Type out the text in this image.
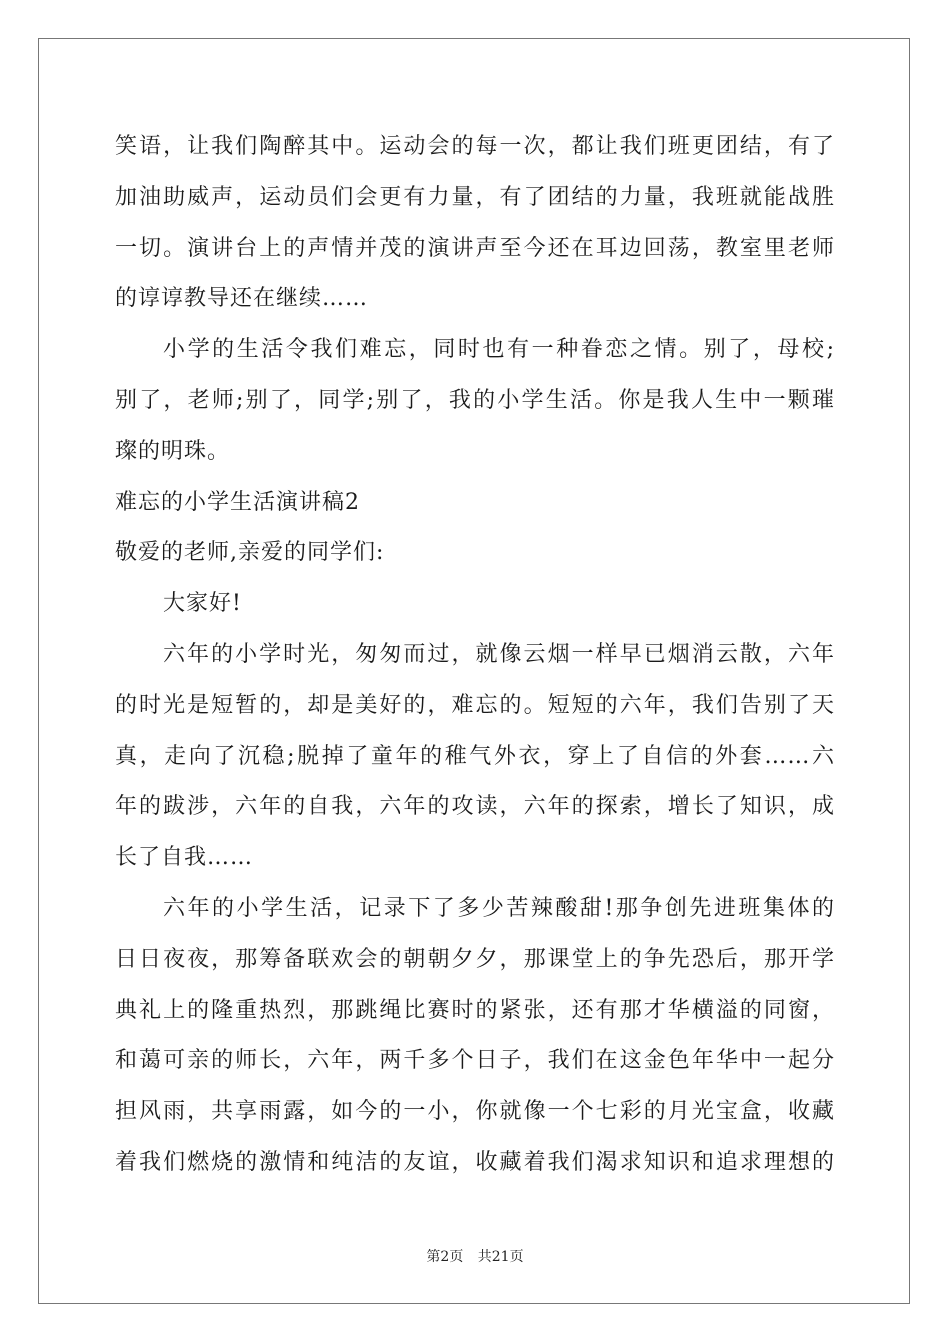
笑语，让我们陶醉其中。运动会的每一次，都让我们班更团结，有了
加油助威声，运动员们会更有力量，有了团结的力量，我班就能战胜
一切。演讲台上的声情并茂的演讲声至今还在耳边回荡，教室里老师
的谆谆教导还在继续……
小学的生活令我们难忘，同时也有一种眷恋之情。别了，母校;
别了，老师;别了，同学;别了，我的小学生活。你是我人生中一颗璀
璨的明珠。
难忘的小学生活演讲稿2
敬爱的老师,亲爱的同学们:
大家好!
六年的小学时光，匆匆而过，就像云烟一样早已烟消云散，六年
的时光是短暂的，却是美好的，难忘的。短短的六年，我们告别了天
真，走向了沉稳;脱掉了童年的稚气外衣，穿上了自信的外套……六
年的跋涉，六年的自我，六年的攻读，六年的探索，增长了知识，成
长了自我……
六年的小学生活，记录下了多少苦辣酸甜!那争创先进班集体的
日日夜夜，那筹备联欢会的朝朝夕夕，那课堂上的争先恐后，那开学
典礼上的隆重热烈，那跳绳比赛时的紧张，还有那才华横溢的同窗，
和蔼可亲的师长，六年，两千多个日子，我们在这金色年华中一起分
担风雨，共享雨露，如今的一小，你就像一个七彩的月光宝盒，收藏
着我们燃烧的激情和纯洁的友谊，收藏着我们渴求知识和追求理想的
第2页 共21页
